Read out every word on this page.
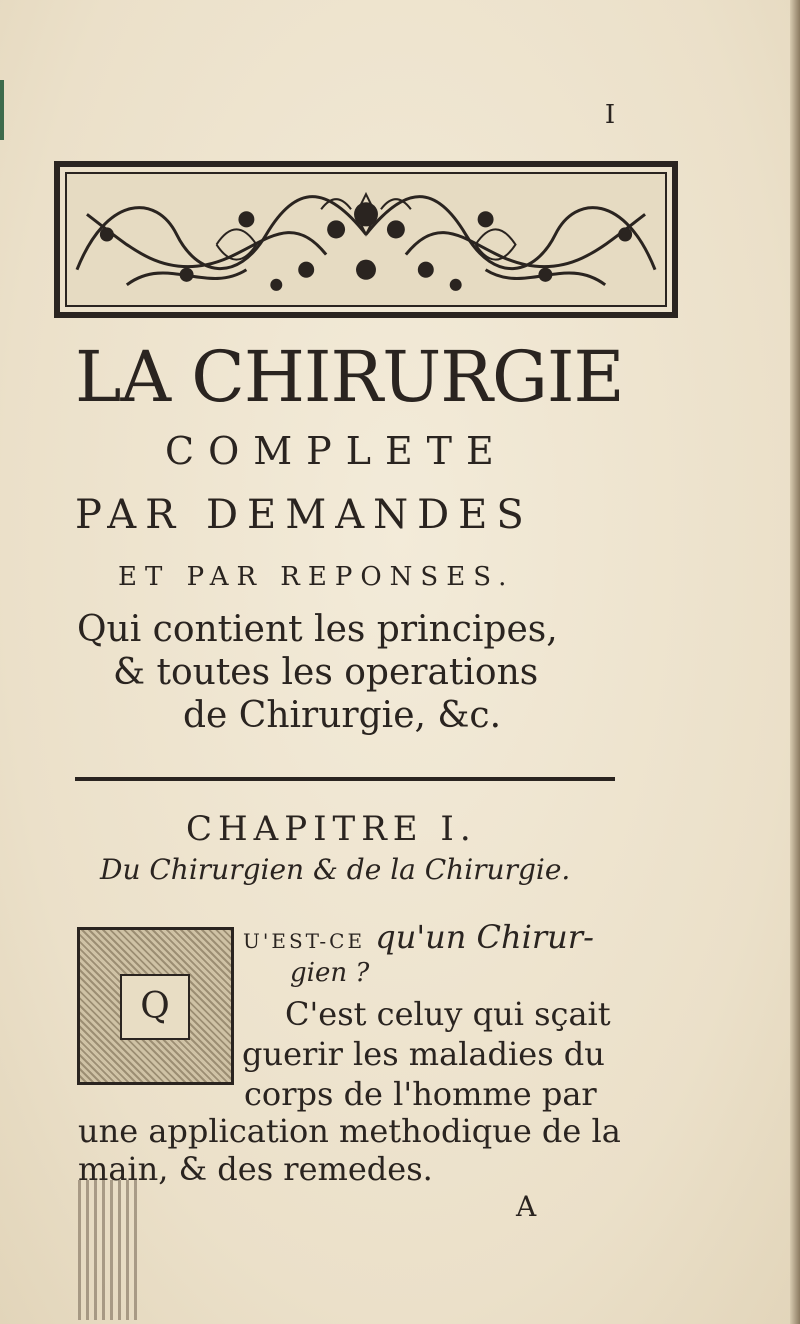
I
LA CHIRURGIE
COMPLETE
PAR DEMANDES
ET PAR REPONSES.
Qui contient les principes,
& toutes les operations
de Chirurgie, &c.
CHAPITRE I.
Du Chirurgien & de la Chirurgie.
Q
U'EST-CE qu'un Chirur-
gien ?
C'est celuy qui sçait
guerir les maladies du
corps de l'homme par
une application methodique de la
main, & des remedes.
A
